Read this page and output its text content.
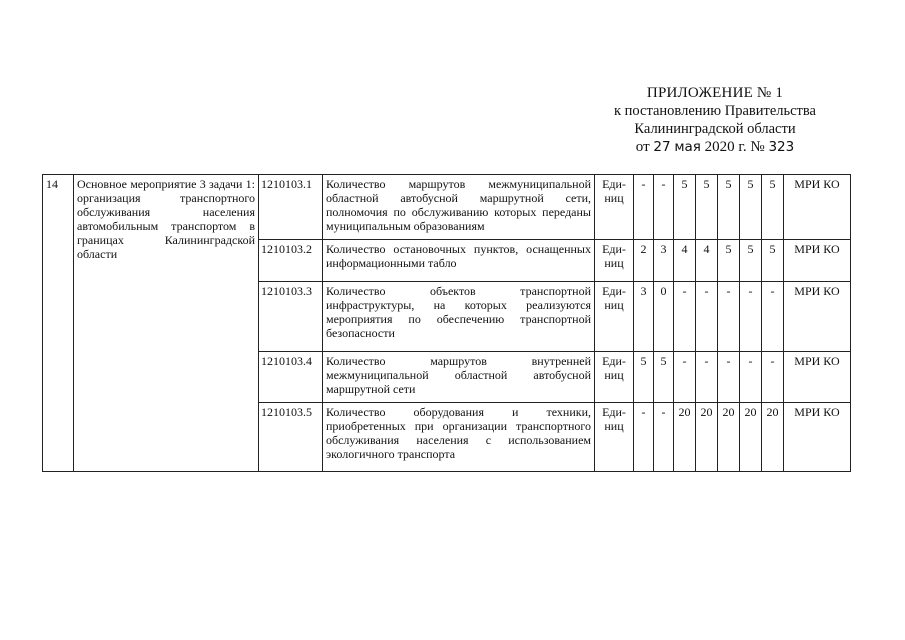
ПРИЛОЖЕНИЕ № 1
к постановлению Правительства
Калининградской области
от 27 мая 2020 г. № 323
14	Основное мероприятие 3 задачи 1: организация транспортного обслуживания населения автомобильным транспортом в границах Калининградской области	1210103.1	Количество маршрутов межмуниципальной областной автобусной маршрутной сети, полномочия по обслуживанию которых переданы муниципальным образованиям	Еди-
ниц	-	-	5	5	5	5	5	МРИ КО
		1210103.2	Количество остановочных пунктов, оснащенных информационными табло	Еди-
ниц	2	3	4	4	5	5	5	МРИ КО
		1210103.3	Количество объектов транспортной инфраструктуры, на которых реализуются мероприятия по обеспечению транспортной безопасности	Еди-
ниц	3	0	-	-	-	-	-	МРИ КО
		1210103.4	Количество маршрутов внутренней межмуниципальной областной автобусной маршрутной сети	Еди-
ниц	5	5	-	-	-	-	-	МРИ КО
		1210103.5	Количество оборудования и техники, приобретенных при организации транспортного обслуживания населения с использованием экологичного транспорта	Еди-
ниц	-	-	20	20	20	20	20	МРИ КО
